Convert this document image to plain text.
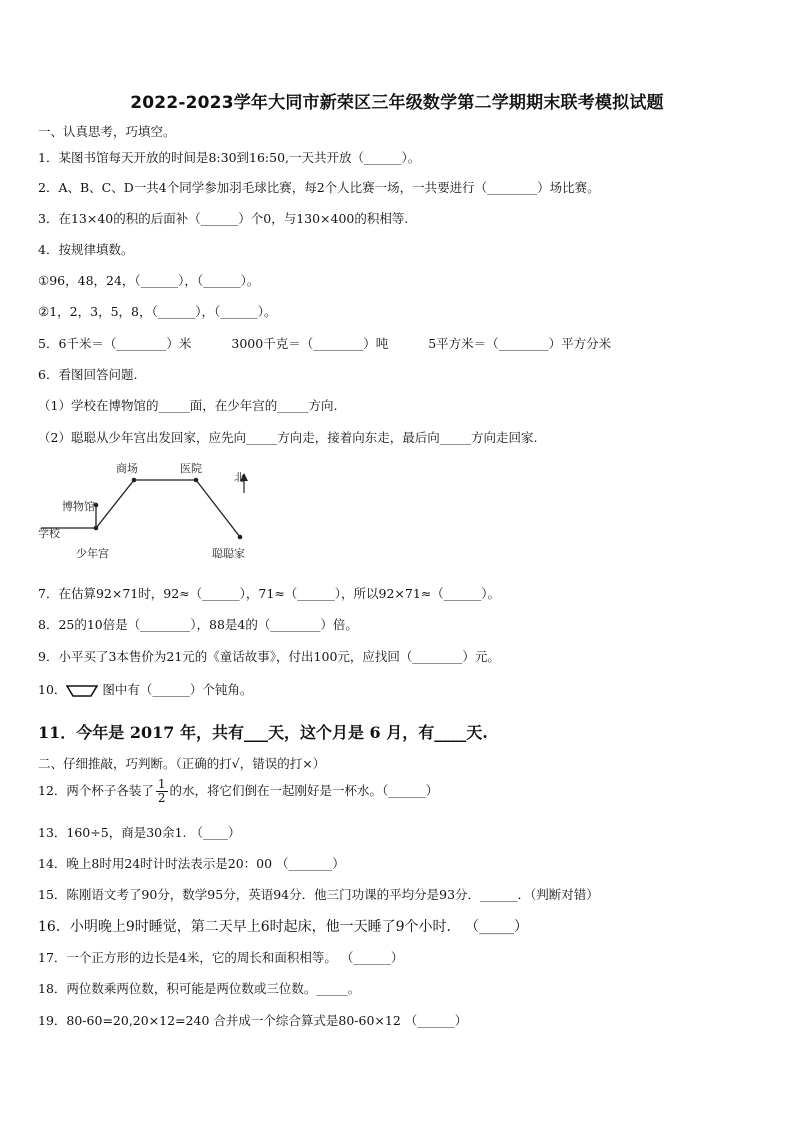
2022-2023学年大同市新荣区三年级数学第二学期期末联考模拟试题
一、认真思考，巧填空。
1．某图书馆每天开放的时间是8:30到16:50,一天共开放（______）。
2．A、B、C、D一共4个同学参加羽毛球比赛，每2个人比赛一场，一共要进行（________）场比赛。
3．在13×40的积的后面补（______）个0，与130×400的积相等.
4．按规律填数。
①96，48，24，（______），（______）。
②1，2，3，5，8，（______），（______）。
5．6千米＝（________）米	3000千克＝（________）吨	5平方米＝（________）平方分米
6．看图回答问题.
（1）学校在博物馆的_____面，在少年宫的_____方向.
（2）聪聪从少年宫出发回家，应先向_____方向走，接着向东走，最后向_____方向走回家.
商场	医院
北
博物馆
学校
少年宫	聪聪家
7．在估算92×71时，92≈（______），71≈（______），所以92×71≈（______）。
8．25的10倍是（________），88是4的（________）倍。
9．小平买了3本售价为21元的《童话故事》，付出100元，应找回（________）元。
10．	图中有（______）个钝角。
11．今年是 2017 年，共有___天，这个月是 6 月，有____天.
二、仔细推敲，巧判断。（正确的打√，错误的打×）
12．两个杯子各装了 $\frac{1}{2}$ 的水，将它们倒在一起刚好是一杯水。（______）
13．160÷5，商是30余1. （____）
14．晚上8时用24时计时法表示是20：00 （_______）
15．陈刚语文考了90分，数学95分，英语94分．他三门功课的平均分是93分．______．（判断对错）
16．小明晚上9时睡觉，第二天早上6时起床，他一天睡了9个小时． （_____）
17．一个正方形的边长是4米，它的周长和面积相等。 （______）
18．两位数乘两位数，积可能是两位数或三位数。_____。
19．80-60=20,20×12=240 合并成一个综合算式是80-60×12 （______）
